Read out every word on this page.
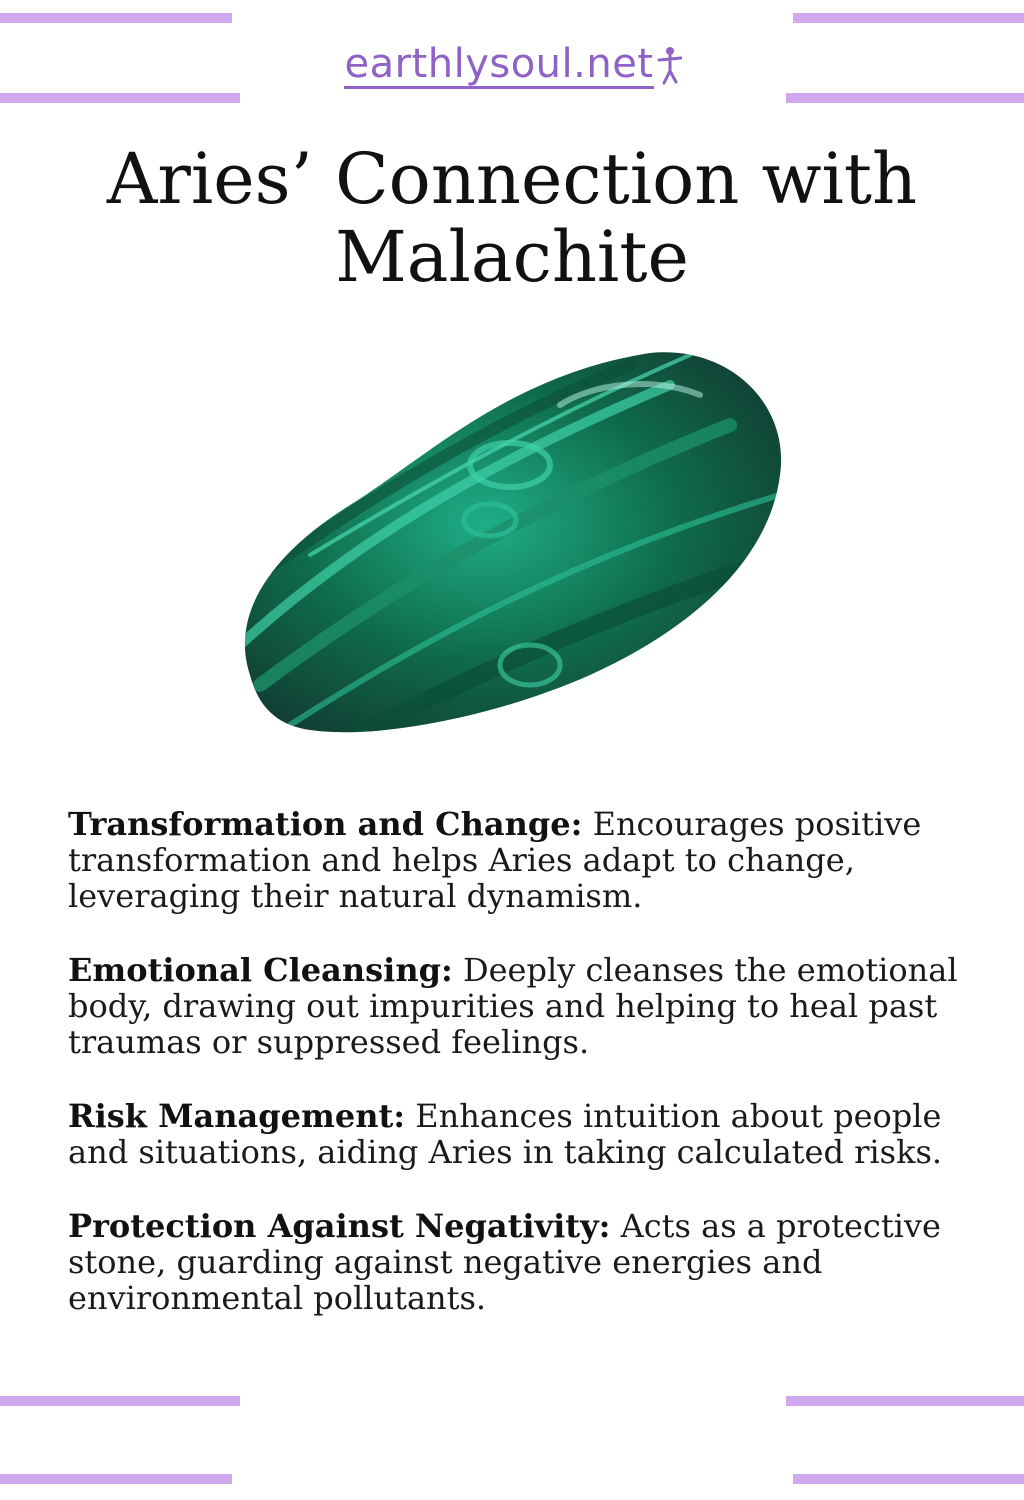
earthlysoul.net
Aries’ Connection with
Malachite

Transformation and Change: Encourages positive transformation and helps Aries adapt to change, leveraging their natural dynamism.

Emotional Cleansing: Deeply cleanses the emotional body, drawing out impurities and helping to heal past traumas or suppressed feelings.

Risk Management: Enhances intuition about people and situations, aiding Aries in taking calculated risks.

Protection Against Negativity: Acts as a protective stone, guarding against negative energies and environmental pollutants.
